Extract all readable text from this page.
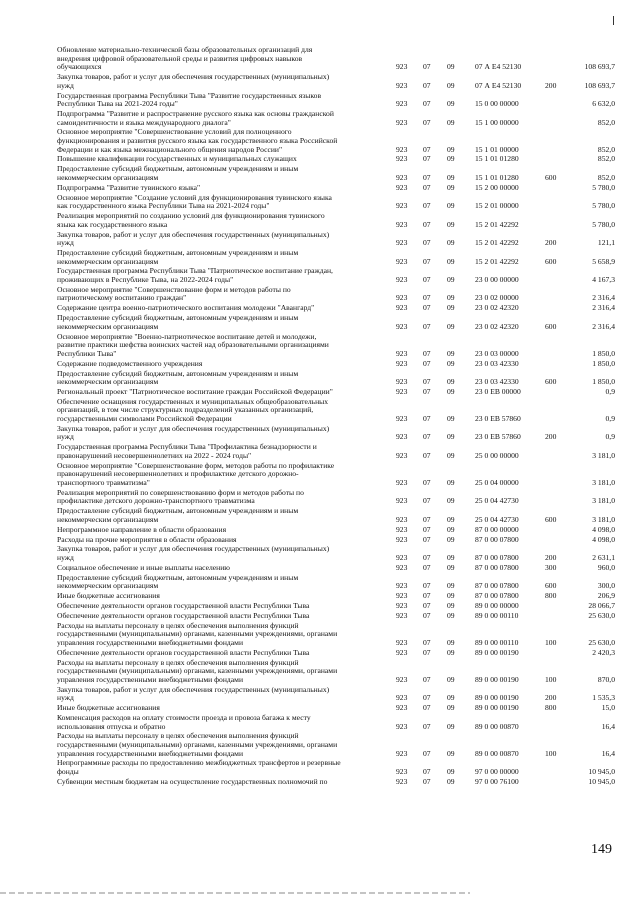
Обновление материально-технической базы образовательных организаций для
внедрения цифровой образовательной среды и развития цифровых навыков
обучающихся	923 07 09	07 А Е4 52130	108 693,7
Закупка товаров, работ и услуг для обеспечения государственных (муниципальных)
нужд	923 07 09	07 А Е4 52130	200	108 693,7
Государственная программа Республики Тыва "Развитие государственных языков
Республики Тыва на 2021-2024 годы"	923 07 09	15 0 00 00000	6 632,0
Подпрограмма "Развитие и распространение русского языка как основы гражданской
самоидентичности и языка международного диалога"	923 07 09	15 1 00 00000	852,0
Основное мероприятие "Совершенствование условий для полноценного
функционирования и развития русского языка как государственного языка Российской
Федерации и как языка межнационального общения народов России"	923 07 09	15 1 01 00000	852,0
Повышение квалификации государственных и муниципальных служащих	923 07 09	15 1 01 01280	852,0
Предоставление субсидий бюджетным, автономным учреждениям и иным
некоммерческим организациям	923 07 09	15 1 01 01280	600	852,0
Подпрограмма "Развитие тувинского языка"	923 07 09	15 2 00 00000	5 780,0
Основное мероприятие "Создание условий для функционирования тувинского языка
как государственного языка Республики Тыва на 2021-2024 годы"	923 07 09	15 2 01 00000	5 780,0
Реализация мероприятий по созданию условий для функционирования тувинского
языка как государственного языка	923 07 09	15 2 01 42292	5 780,0
Закупка товаров, работ и услуг для обеспечения государственных (муниципальных)
нужд	923 07 09	15 2 01 42292	200	121,1
Предоставление субсидий бюджетным, автономным учреждениям и иным
некоммерческим организациям	923 07 09	15 2 01 42292	600	5 658,9
Государственная программа Республики Тыва "Патриотическое воспитание граждан,
проживающих в Республике Тыва, на 2022-2024 годы"	923 07 09	23 0 00 00000	4 167,3
Основное мероприятие "Совершенствование форм и методов работы по
патриотическому воспитанию граждан"	923 07 09	23 0 02 00000	2 316,4
Содержание центра военно-патриотического воспитания молодежи "Авангард"	923 07 09	23 0 02 42320	2 316,4
Предоставление субсидий бюджетным, автономным учреждениям и иным
некоммерческим организациям	923 07 09	23 0 02 42320	600	2 316,4
Основное мероприятие "Военно-патриотическое воспитание детей и молодежи,
развитие практики шефства воинских частей над образовательными организациями
Республики Тыва"	923 07 09	23 0 03 00000	1 850,0
Содержание подведомственного учреждения	923 07 09	23 0 03 42330	1 850,0
Предоставление субсидий бюджетным, автономным учреждениям и иным
некоммерческим организациям	923 07 09	23 0 03 42330	600	1 850,0
Региональный проект "Патриотическое воспитание граждан Российской Федерации"	923 07 09	23 0 EB 00000	0,9
Обеспечение оснащения государственных и муниципальных общеобразовательных
организаций, в том числе структурных подразделений указанных организаций,
государственными символами Российской Федерации	923 07 09	23 0 EB 57860	0,9
Закупка товаров, работ и услуг для обеспечения государственных (муниципальных)
нужд	923 07 09	23 0 EB 57860	200	0,9
Государственная программа Республики Тыва "Профилактика безнадзорности и
правонарушений несовершеннолетних на 2022 - 2024 годы"	923 07 09	25 0 00 00000	3 181,0
Основное мероприятие "Совершенствование форм, методов работы по профилактике
правонарушений несовершеннолетних и профилактике детского дорожно-
транспортного травматизма"	923 07 09	25 0 04 00000	3 181,0
Реализация мероприятий по совершенствованию форм и методов работы по
профилактике детского дорожно-транспортного травматизма	923 07 09	25 0 04 42730	3 181,0
Предоставление субсидий бюджетным, автономным учреждениям и иным
некоммерческим организациям	923 07 09	25 0 04 42730	600	3 181,0
Непрограммное направление в области образования	923 07 09	87 0 00 00000	4 098,0
Расходы на прочие мероприятия в области образования	923 07 09	87 0 00 07800	4 098,0
Закупка товаров, работ и услуг для обеспечения государственных (муниципальных)
нужд	923 07 09	87 0 00 07800	200	2 631,1
Социальное обеспечение и иные выплаты населению	923 07 09	87 0 00 07800	300	960,0
Предоставление субсидий бюджетным, автономным учреждениям и иным
некоммерческим организациям	923 07 09	87 0 00 07800	600	300,0
Иные бюджетные ассигнования	923 07 09	87 0 00 07800	800	206,9
Обеспечение деятельности органов государственной власти Республики Тыва	923 07 09	89 0 00 00000	28 066,7
Обеспечение деятельности органов государственной власти Республики Тыва	923 07 09	89 0 00 00110	25 630,0
Расходы на выплаты персоналу в целях обеспечения выполнения функций
государственными (муниципальными) органами, казенными учреждениями, органами
управления государственными внебюджетными фондами	923 07 09	89 0 00 00110	100	25 630,0
Обеспечение деятельности органов государственной власти Республики Тыва	923 07 09	89 0 00 00190	2 420,3
Расходы на выплаты персоналу в целях обеспечения выполнения функций
государственными (муниципальными) органами, казенными учреждениями, органами
управления государственными внебюджетными фондами	923 07 09	89 0 00 00190	100	870,0
Закупка товаров, работ и услуг для обеспечения государственных (муниципальных)
нужд	923 07 09	89 0 00 00190	200	1 535,3
Иные бюджетные ассигнования	923 07 09	89 0 00 00190	800	15,0
Компенсация расходов на оплату стоимости проезда и провоза багажа к месту
использования отпуска и обратно	923 07 09	89 0 00 00870	16,4
Расходы на выплаты персоналу в целях обеспечения выполнения функций
государственными (муниципальными) органами, казенными учреждениями, органами
управления государственными внебюджетными фондами	923 07 09	89 0 00 00870	100	16,4
Непрограммные расходы по предоставлению межбюджетных трансфертов и резервные
фонды	923 07 09	97 0 00 00000	10 945,0
Субвенции местным бюджетам на осуществление государственных полномочий по	923 07 09	97 0 00 76100	10 945,0
149
